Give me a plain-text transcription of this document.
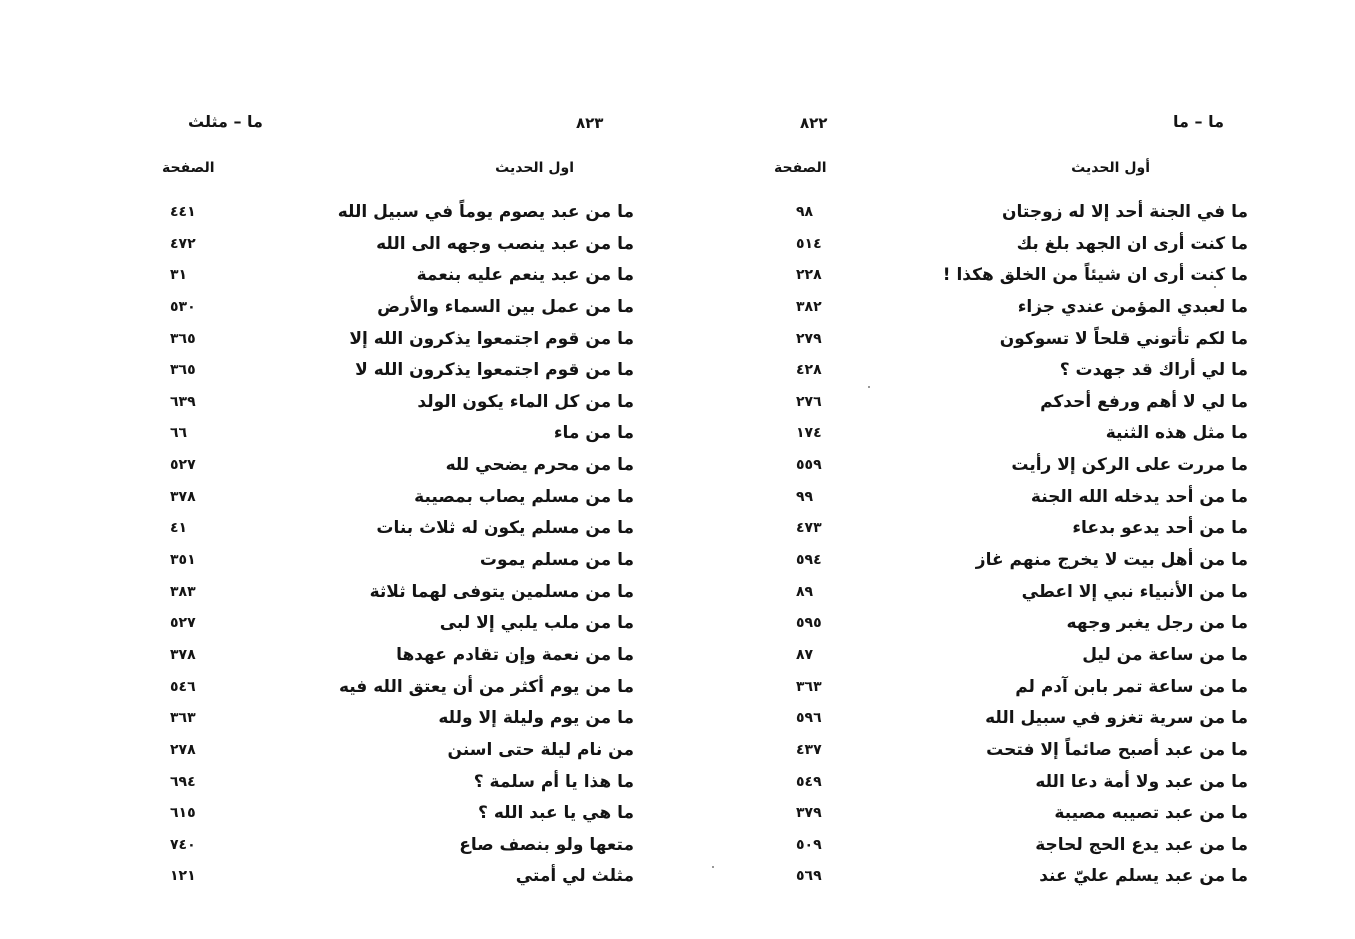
ما – مثلث	٨٢٣
اول الحديث
الصفحة
ما من عبد يصوم يوماً في سبيل الله
٤٤١
ما من عبد ينصب وجهه الى الله
٤٧٢
ما من عبد ينعم عليه بنعمة
٣١
ما من عمل بين السماء والأرض
٥٣٠
ما من قوم اجتمعوا يذكرون الله إلا
٣٦٥
ما من قوم اجتمعوا يذكرون الله لا
٣٦٥
ما من كل الماء يكون الولد
٦٣٩
ما من ماء
٦٦
ما من محرم يضحي لله
٥٢٧
ما من مسلم يصاب بمصيبة
٣٧٨
ما من مسلم يكون له ثلاث بنات
٤١
ما من مسلم يموت
٣٥١
ما من مسلمين يتوفى لهما ثلاثة
٣٨٣
ما من ملب يلبي إلا لبى
٥٢٧
ما من نعمة وإن تقادم عهدها
٣٧٨
ما من يوم أكثر من أن يعتق الله فيه
٥٤٦
ما من يوم وليلة إلا ولله
٣٦٣
من نام ليلة حتى اسنن
٢٧٨
ما هذا يا أم سلمة ؟
٦٩٤
ما هي يا عبد الله ؟
٦١٥
متعها ولو بنصف صاع
٧٤٠
مثلث لي أمتي
١٢١
ما – ما
٨٢٢
أول الحديث
الصفحة
ما في الجنة أحد إلا له زوجتان
٩٨
ما كنت أرى ان الجهد بلغ بك
٥١٤
ما كنت أرى ان شيئاً من الخلق هكذا !
٢٢٨
ما لعبدي المؤمن عندي جزاء
٣٨٢
ما لكم تأتوني قلحاً لا تسوكون
٢٧٩
ما لي أراك قد جهدت ؟
٤٢٨
ما لي لا أهم ورفع أحدكم
٢٧٦
ما مثل هذه الثنية
١٧٤
ما مررت على الركن إلا رأيت
٥٥٩
ما من أحد يدخله الله الجنة
٩٩
ما من أحد يدعو بدعاء
٤٧٣
ما من أهل بيت لا يخرج منهم غاز
٥٩٤
ما من الأنبياء نبي إلا اعطي
٨٩
ما من رجل يغبر وجهه
٥٩٥
ما من ساعة من ليل
٨٧
ما من ساعة تمر بابن آدم لم
٣٦٣
ما من سرية تغزو في سبيل الله
٥٩٦
ما من عبد أصبح صائماً إلا فتحت
٤٣٧
ما من عبد ولا أمة دعا الله
٥٤٩
ما من عبد تصيبه مصيبة
٣٧٩
ما من عبد يدع الحج لحاجة
٥٠٩
ما من عبد يسلم عليّ عند
٥٦٩
